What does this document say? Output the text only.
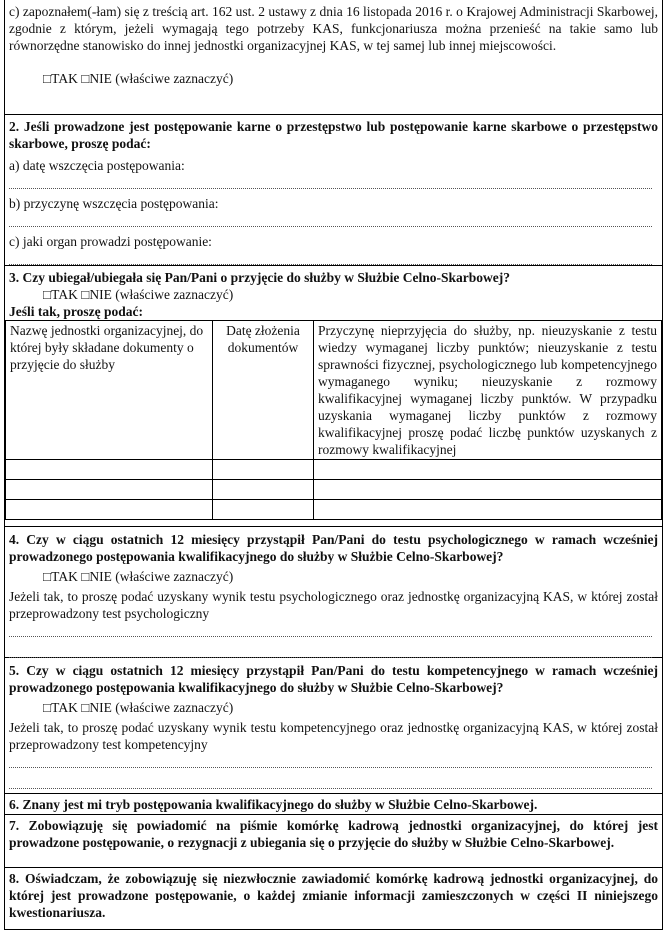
c) zapoznałem(-łam) się z treścią art. 162 ust. 2 ustawy z dnia 16 listopada 2016 r. o Krajowej Administracji Skarbowej, zgodnie z którym, jeżeli wymagają tego potrzeby KAS, funkcjonariusza można przenieść na takie samo lub równorzędne stanowisko do innej jednostki organizacyjnej KAS, w tej samej lub innej miejscowości.
□TAK □NIE (właściwe zaznaczyć)
2. Jeśli prowadzone jest postępowanie karne o przestępstwo lub postępowanie karne skarbowe o przestępstwo skarbowe, proszę podać:
a) datę wszczęcia postępowania:
b) przyczynę wszczęcia postępowania:
c) jaki organ prowadzi postępowanie:
3. Czy ubiegał/ubiegała się Pan/Pani o przyjęcie do służby w Służbie Celno-Skarbowej?
□TAK □NIE (właściwe zaznaczyć)
Jeśli tak, proszę podać:
Nazwę jednostki organizacyjnej, do której były składane dokumenty o przyjęcie do służby	Datę złożenia dokumentów	Przyczynę nieprzyjęcia do służby, np. nieuzyskanie z testu wiedzy wymaganej liczby punktów; nieuzyskanie z testu sprawności fizycznej, psychologicznego lub kompetencyjnego wymaganego wyniku; nieuzyskanie z rozmowy kwalifikacyjnej wymaganej liczby punktów. W przypadku uzyskania wymaganej liczby punktów z rozmowy kwalifikacyjnej proszę podać liczbę punktów uzyskanych z rozmowy kwalifikacyjnej

4. Czy w ciągu ostatnich 12 miesięcy przystąpił Pan/Pani do testu psychologicznego w ramach wcześniej prowadzonego postępowania kwalifikacyjnego do służby w Służbie Celno-Skarbowej?
□TAK □NIE (właściwe zaznaczyć)
Jeżeli tak, to proszę podać uzyskany wynik testu psychologicznego oraz jednostkę organizacyjną KAS, w której został przeprowadzony test psychologiczny
5. Czy w ciągu ostatnich 12 miesięcy przystąpił Pan/Pani do testu kompetencyjnego w ramach wcześniej prowadzonego postępowania kwalifikacyjnego do służby w Służbie Celno-Skarbowej?
□TAK □NIE (właściwe zaznaczyć)
Jeżeli tak, to proszę podać uzyskany wynik testu kompetencyjnego oraz jednostkę organizacyjną KAS, w której został przeprowadzony test kompetencyjny
6. Znany jest mi tryb postępowania kwalifikacyjnego do służby w Służbie Celno-Skarbowej.
7. Zobowiązuję się powiadomić na piśmie komórkę kadrową jednostki organizacyjnej, do której jest prowadzone postępowanie, o rezygnacji z ubiegania się o przyjęcie do służby w Służbie Celno-Skarbowej.
8. Oświadczam, że zobowiązuję się niezwłocznie zawiadomić komórkę kadrową jednostki organizacyjnej, do której jest prowadzone postępowanie, o każdej zmianie informacji zamieszczonych w części II niniejszego kwestionariusza.
